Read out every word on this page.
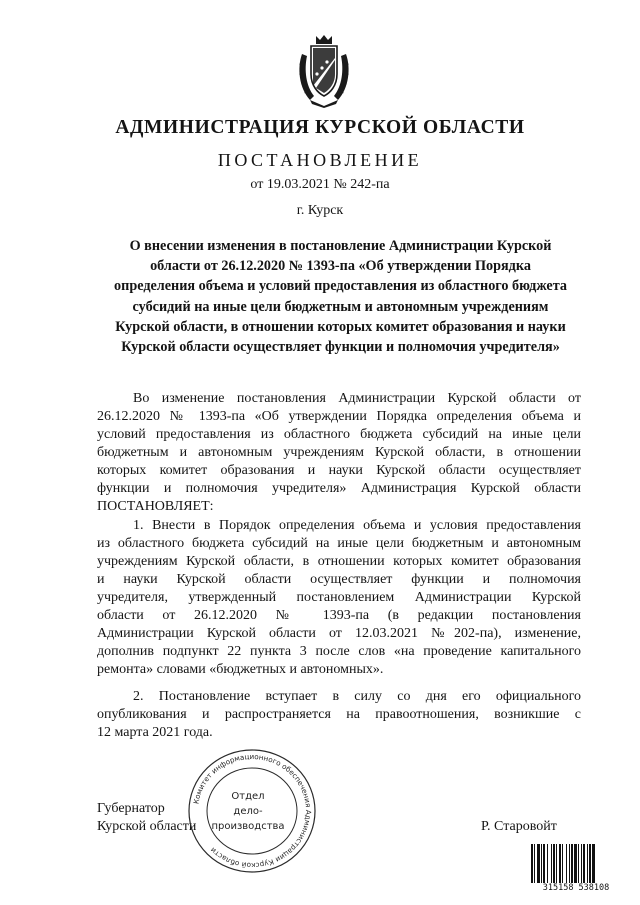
АДМИНИСТРАЦИЯ КУРСКОЙ ОБЛАСТИ
ПОСТАНОВЛЕНИЕ
от 19.03.2021 № 242-па
г. Курск
О внесении изменения в постановление Администрации Курской
области от 26.12.2020 № 1393-па «Об утверждении Порядка
определения объема и условий предоставления из областного бюджета
субсидий на иные цели бюджетным и автономным учреждениям
Курской области, в отношении которых комитет образования и науки
Курской области осуществляет функции и полномочия учредителя»
Во изменение постановления Администрации Курской области от
26.12.2020 № 1393-па «Об утверждении Порядка определения объема и
условий предоставления из областного бюджета субсидий на иные цели
бюджетным и автономным учреждениям Курской области, в отношении
которых комитет образования и науки Курской области осуществляет
функции и полномочия учредителя» Администрация Курской области
ПОСТАНОВЛЯЕТ:
1. Внести в Порядок определения объема и условия предоставления
из областного бюджета субсидий на иные цели бюджетным и автономным
учреждениям Курской области, в отношении которых комитет образования
и науки Курской области осуществляет функции и полномочия
учредителя, утвержденный постановлением Администрации Курской
области от 26.12.2020 № 1393-па (в редакции постановления
Администрации Курской области от 12.03.2021 №202-па), изменение,
дополнив подпункт 22 пункта 3 после слов «на проведение капитального
ремонта» словами «бюджетных и автономных».
2. Постановление вступает в силу со дня его официального
опубликования и распространяется на правоотношения, возникшие с
12 марта 2021 года.
Губернатор
Курской области	Р. Старовойт
Комитет информационного обеспечения Администрации Курской области
Отдел
дело-
производства
315158 538108
